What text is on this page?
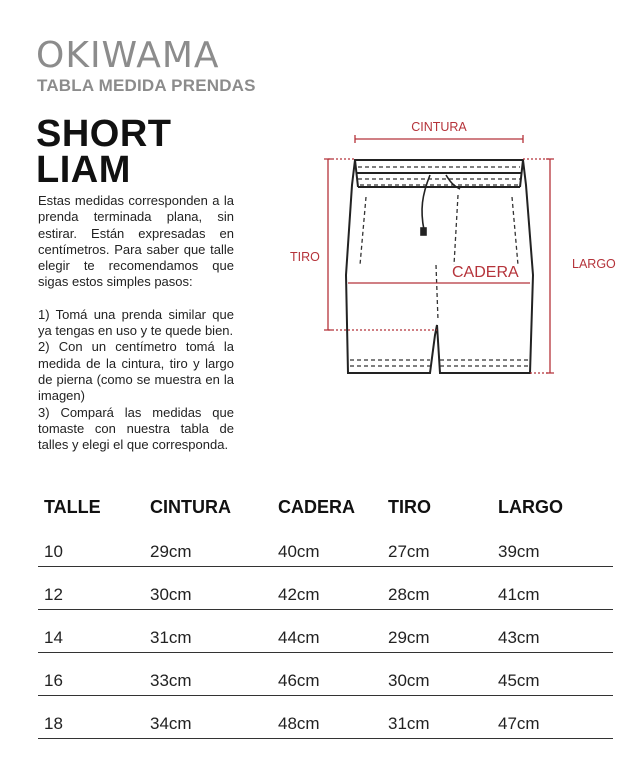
OKIWAMA
TABLA MEDIDA PRENDAS
SHORT
LIAM

Estas medidas corresponden a la prenda terminada plana, sin estirar. Están expresadas en centímetros. Para saber que talle elegir te recomendamos que sigas estos simples pasos:

1) Tomá una prenda similar que ya tengas en uso y te quede bien.

2) Con un centímetro tomá la medida de la cintura, tiro y largo de pierna (como se muestra en la imagen)

3) Compará las medidas que tomaste con nuestra tabla de talles y elegi el que corresponda.

CINTURA
TIRO
CADERA	LARGO
TALLE	CINTURA	CADERA	TIRO	LARGO
10	29cm	40cm	27cm	39cm
12	30cm	42cm	28cm	41cm
14	31cm	44cm	29cm	43cm
16	33cm	46cm	30cm	45cm
18	34cm	48cm	31cm	47cm
